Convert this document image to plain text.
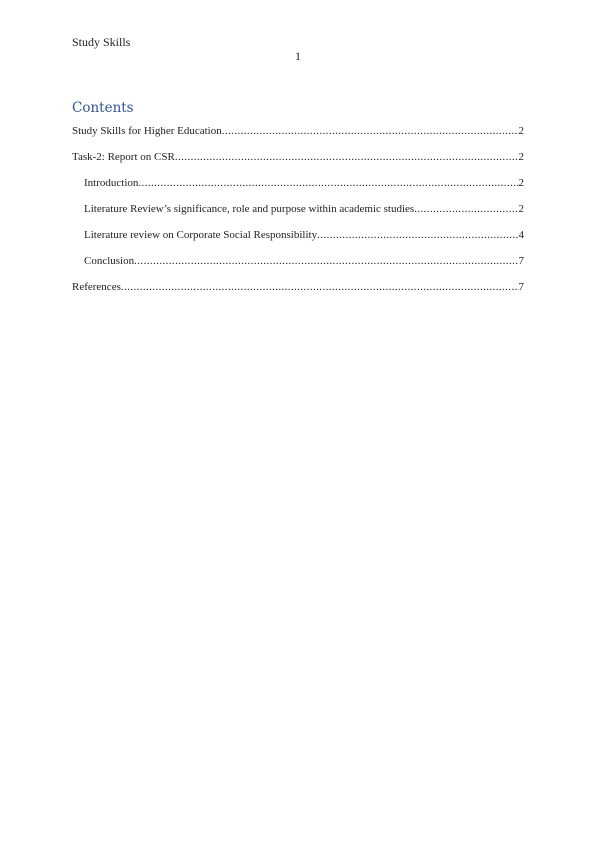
Study Skills
1
Contents
Study Skills for Higher Education .....	2
Task-2: Report on CSR .....	2
Introduction .....	2
Literature Review’s significance, role and purpose within academic studies .....	2
Literature review on Corporate Social Responsibility .....	4
Conclusion .....	7
References .....	7
